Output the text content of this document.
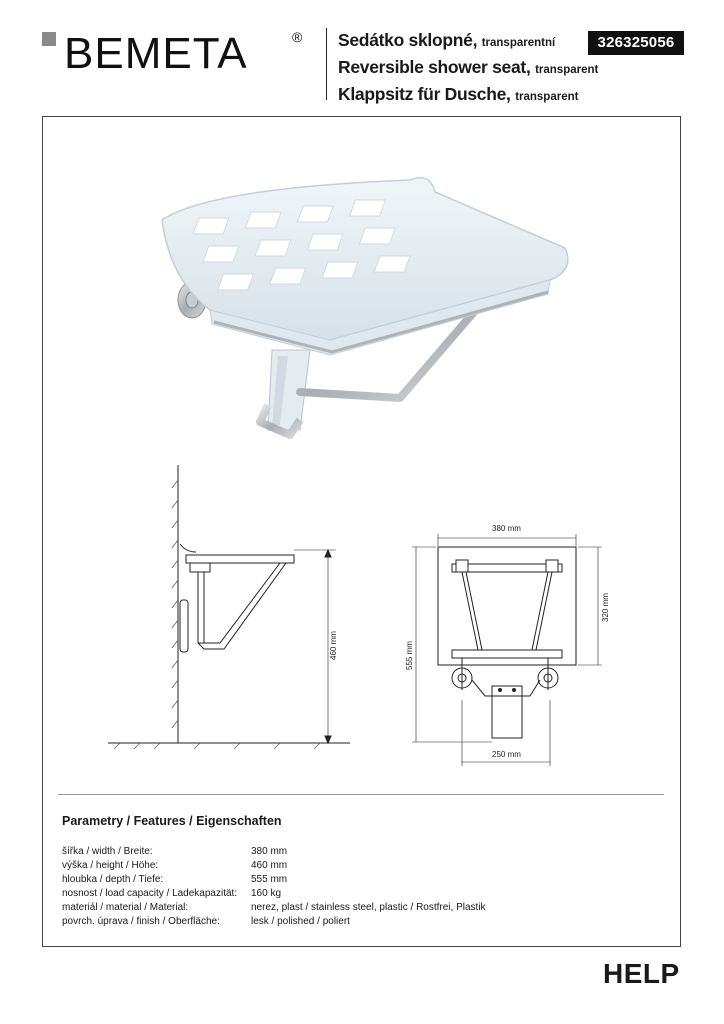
BEMETA	® Sedátko sklopné, transparentní
Reversible shower seat, transparent
Klappsitz für Dusche, transparent
326325056
460 mm
380 mm
320 mm
555 mm
250 mm
Parametry / Features / Eigenschaften
šířka / width / Breite:	380 mm
výška / height / Höhe:	460 mm
hloubka / depth / Tiefe:	555 mm
nosnost / load capacity / Ladekapazität:	160 kg
materiál / material / Material:	nerez, plast / stainless steel, plastic / Rostfrei, Plastik
povrch. úprava / finish / Oberfläche:	lesk / polished / poliert
HELP
